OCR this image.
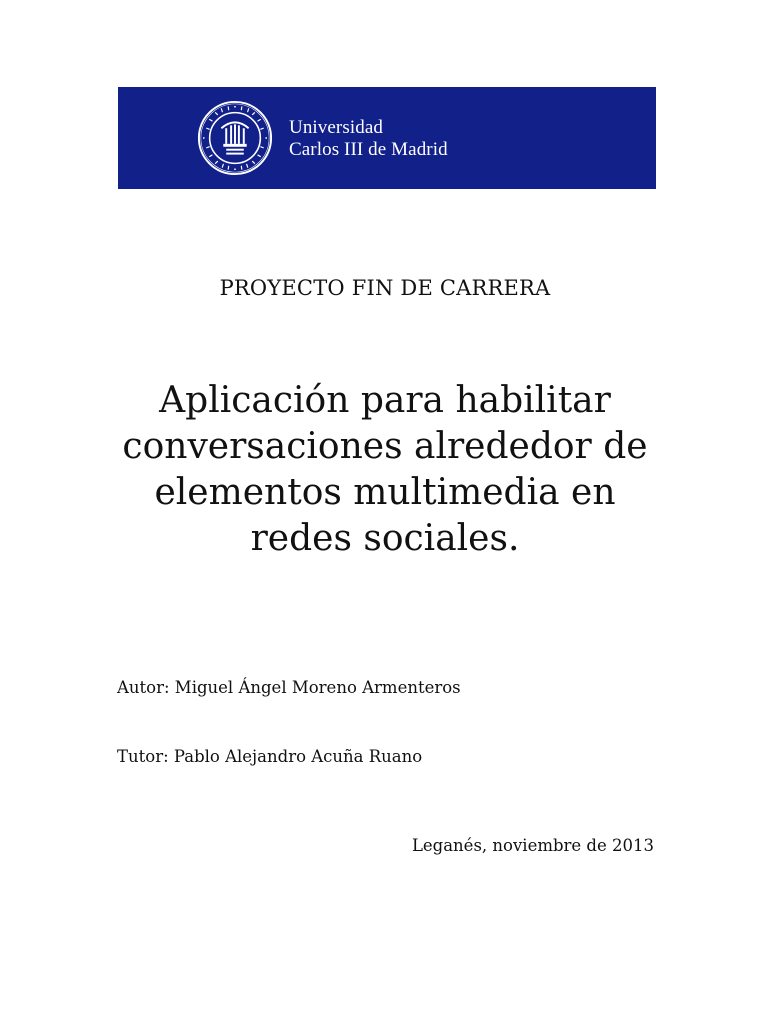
Universidad
Carlos III de Madrid
PROYECTO FIN DE CARRERA
Aplicación para habilitar
conversaciones alrededor de
elementos multimedia en
redes sociales.
Autor: Miguel Ángel Moreno Armenteros
Tutor: Pablo Alejandro Acuña Ruano
Leganés, noviembre de 2013
